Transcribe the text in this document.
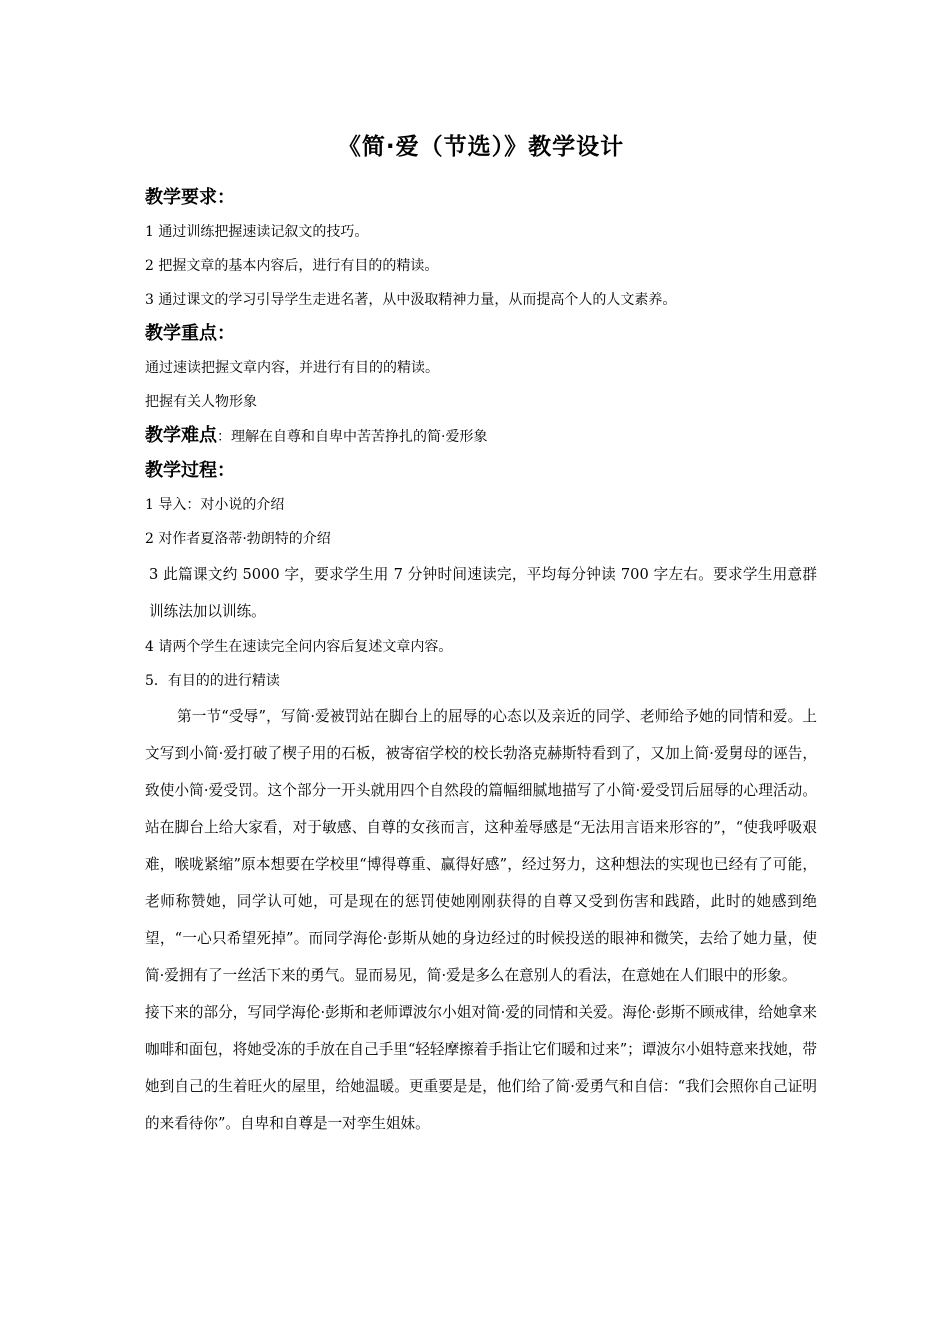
《简·爱（节选）》教学设计
教学要求：

1 通过训练把握速读记叙文的技巧。

2 把握文章的基本内容后，进行有目的的精读。

3 通过课文的学习引导学生走进名著，从中汲取精神力量，从而提高个人的人文素养。

教学重点：

通过速读把握文章内容，并进行有目的的精读。

把握有关人物形象

教学难点：理解在自尊和自卑中苦苦挣扎的简·爱形象

教学过程：

1 导入：对小说的介绍

2 对作者夏洛蒂·勃朗特的介绍

3 此篇课文约 5000 字，要求学生用 7 分钟时间速读完，平均每分钟读 700 字左右。要求学生用意群训练法加以训练。

4 请两个学生在速读完全问内容后复述文章内容。

5．有目的的进行精读

第一节“受辱”，写简·爱被罚站在脚台上的屈辱的心态以及亲近的同学、老师给予她的同情和爱。上文写到小简·爱打破了楔子用的石板，被寄宿学校的校长勃洛克赫斯特看到了，又加上简·爱舅母的诬告，致使小简·爱受罚。这个部分一开头就用四个自然段的篇幅细腻地描写了小简·爱受罚后屈辱的心理活动。站在脚台上给大家看，对于敏感、自尊的女孩而言，这种羞辱感是“无法用言语来形容的”，“使我呼吸艰难，喉咙紧缩”原本想要在学校里“博得尊重、赢得好感”，经过努力，这种想法的实现也已经有了可能，老师称赞她，同学认可她，可是现在的惩罚使她刚刚获得的自尊又受到伤害和践踏，此时的她感到绝望，“一心只希望死掉”。而同学海伦·彭斯从她的身边经过的时候投送的眼神和微笑，去给了她力量，使简·爱拥有了一丝活下来的勇气。显而易见，简·爱是多么在意别人的看法，在意她在人们眼中的形象。

接下来的部分，写同学海伦·彭斯和老师谭波尔小姐对简·爱的同情和关爱。海伦·彭斯不顾戒律，给她拿来咖啡和面包，将她受冻的手放在自己手里“轻轻摩擦着手指让它们暖和过来”；谭波尔小姐特意来找她，带她到自己的生着旺火的屋里，给她温暖。更重要是是，他们给了简·爱勇气和自信：“我们会照你自己证明的来看待你”。自卑和自尊是一对孪生姐妹。
